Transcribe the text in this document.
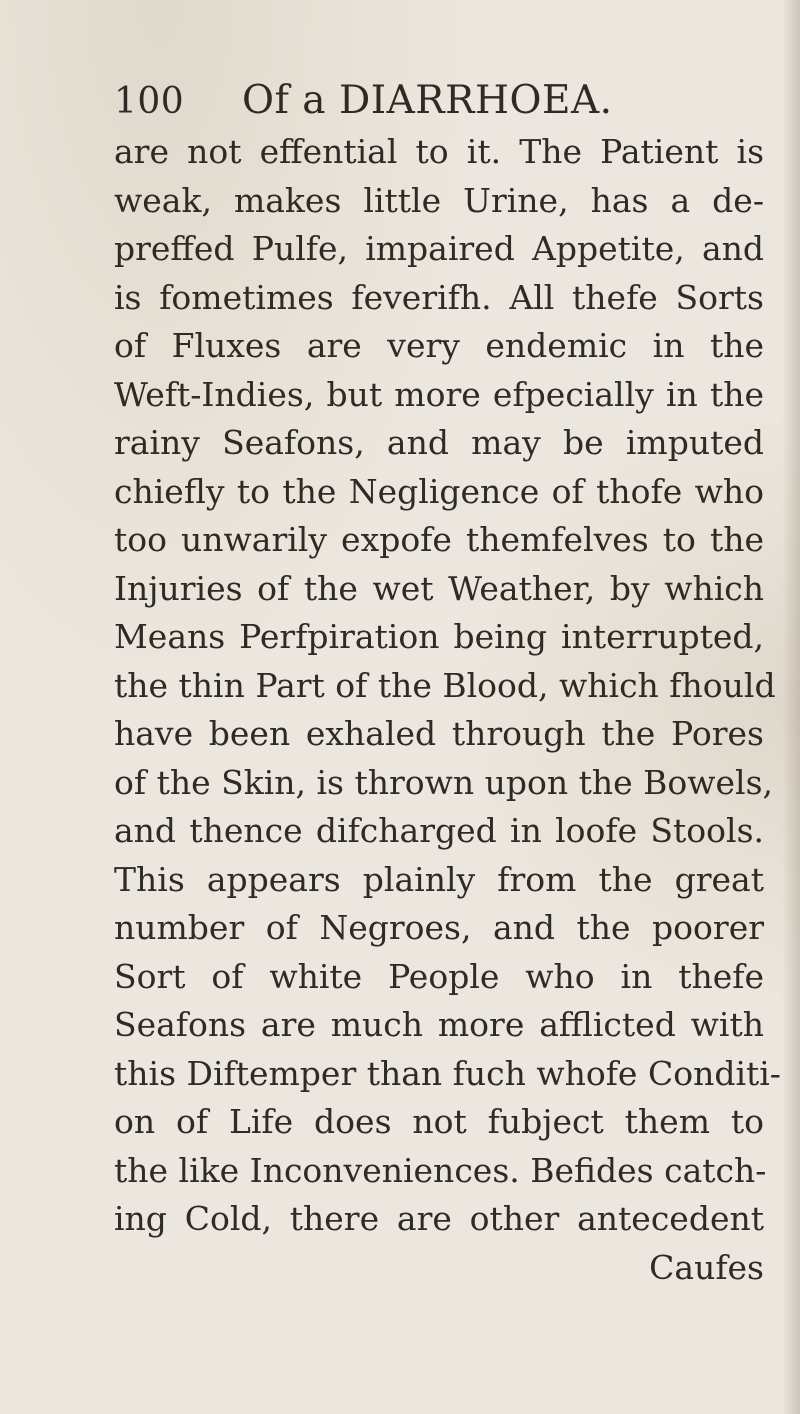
100 Of a DIARRHOEA.
are not effential to it. The Patient is
weak, makes little Urine, has a de-
preffed Pulfe, impaired Appetite, and
is fometimes feverifh. All thefe Sorts
of Fluxes are very endemic in the
Weft-Indies, but more efpecially in the
rainy Seafons, and may be imputed
chiefly to the Negligence of thofe who
too unwarily expofe themfelves to the
Injuries of the wet Weather, by which
Means Perfpiration being interrupted,
the thin Part of the Blood, which fhould
have been exhaled through the Pores
of the Skin, is thrown upon the Bowels,
and thence difcharged in loofe Stools.
This appears plainly from the great
number of Negroes, and the poorer
Sort of white People who in thefe
Seafons are much more afflicted with
this Diftemper than fuch whofe Conditi-
on of Life does not fubject them to
the like Inconveniences. Befides catch-
ing Cold, there are other antecedent
Caufes
